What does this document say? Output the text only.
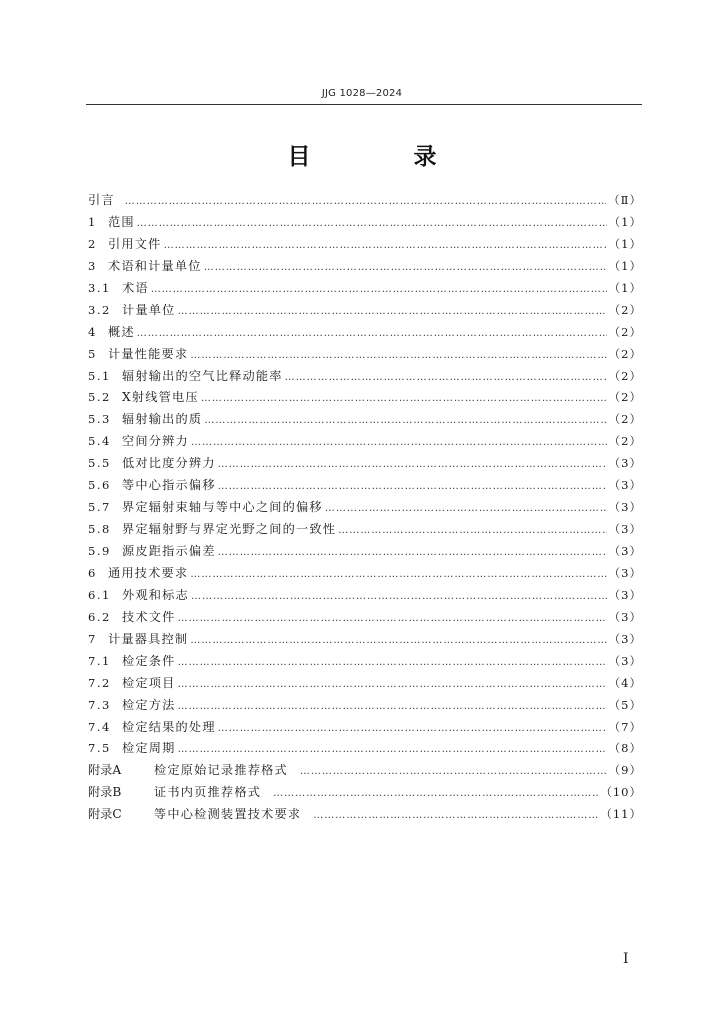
JJG 1028—2024
目　录
引言 ……………………………………………………………………………………………………………………………………………………………………………………………………………	（Ⅱ）
1 范围 ……………………………………………………………………………………………………………………………………………………………………………………………………………	（1）
2 引用文件 ……………………………………………………………………………………………………………………………………………………………………………………………………………	（1）
3 术语和计量单位 ……………………………………………………………………………………………………………………………………………………………………………………………………………	（1）
3.1 术语 ……………………………………………………………………………………………………………………………………………………………………………………………………………	（1）
3.2 计量单位 ……………………………………………………………………………………………………………………………………………………………………………………………………………	（2）
4 概述 ……………………………………………………………………………………………………………………………………………………………………………………………………………	（2）
5 计量性能要求 ……………………………………………………………………………………………………………………………………………………………………………………………………………	（2）
5.1 辐射输出的空气比释动能率 ……………………………………………………………………………………………………………………………………………………………………………………………………………	（2）
5.2 X射线管电压 ……………………………………………………………………………………………………………………………………………………………………………………………………………	（2）
5.3 辐射输出的质 ……………………………………………………………………………………………………………………………………………………………………………………………………………	（2）
5.4 空间分辨力 ……………………………………………………………………………………………………………………………………………………………………………………………………………	（2）
5.5 低对比度分辨力 ……………………………………………………………………………………………………………………………………………………………………………………………………………	（3）
5.6 等中心指示偏移 ……………………………………………………………………………………………………………………………………………………………………………………………………………	（3）
5.7 界定辐射束轴与等中心之间的偏移 ……………………………………………………………………………………………………………………………………………………………………………………………………………	（3）
5.8 界定辐射野与界定光野之间的一致性 ……………………………………………………………………………………………………………………………………………………………………………………………………………	（3）
5.9 源皮距指示偏差 ……………………………………………………………………………………………………………………………………………………………………………………………………………	（3）
6 通用技术要求 ……………………………………………………………………………………………………………………………………………………………………………………………………………	（3）
6.1 外观和标志 ……………………………………………………………………………………………………………………………………………………………………………………………………………	（3）
6.2 技术文件 ……………………………………………………………………………………………………………………………………………………………………………………………………………	（3）
7 计量器具控制 ……………………………………………………………………………………………………………………………………………………………………………………………………………	（3）
7.1 检定条件 ……………………………………………………………………………………………………………………………………………………………………………………………………………	（3）
7.2 检定项目 ……………………………………………………………………………………………………………………………………………………………………………………………………………	（4）
7.3 检定方法 ……………………………………………………………………………………………………………………………………………………………………………………………………………	（5）
7.4 检定结果的处理 ……………………………………………………………………………………………………………………………………………………………………………………………………………	（7）
7.5 检定周期 ……………………………………………………………………………………………………………………………………………………………………………………………………………	（8）
附录A	检定原始记录推荐格式 ……………………………………………………………………………………………………………………………………………………………………………………………………………	（9）
附录B	证书内页推荐格式 ……………………………………………………………………………………………………………………………………………………………………………………………………………	（10）
附录C	等中心检测装置技术要求 ……………………………………………………………………………………………………………………………………………………………………………………………………………	（11）
I
